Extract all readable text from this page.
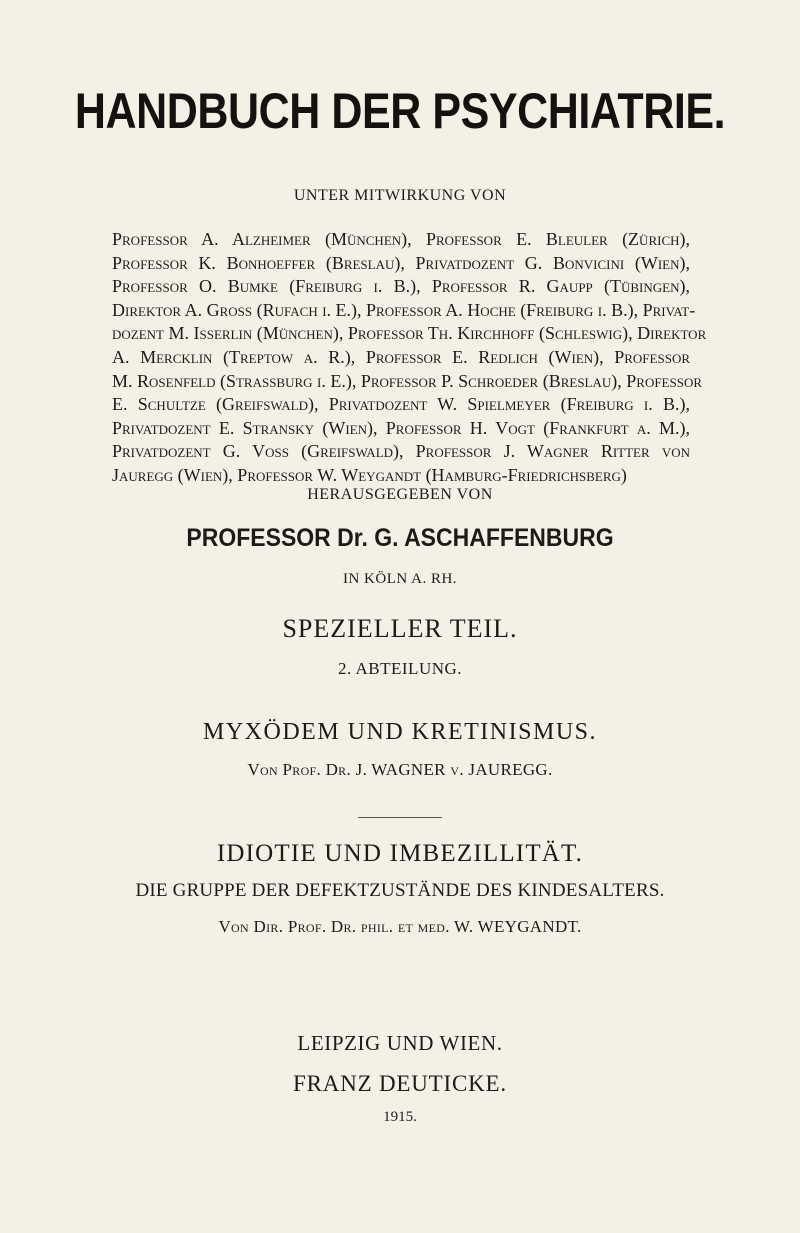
HANDBUCH DER PSYCHIATRIE.
UNTER MITWIRKUNG VON
Professor A. Alzheimer (München), Professor E. Bleuler (Zürich),
Professor K. Bonhoeffer (Breslau), Privatdozent G. Bonvicini (Wien),
Professor O. Bumke (Freiburg i. B.), Professor R. Gaupp (Tübingen),
Direktor A. Gross (Rufach i. E.), Professor A. Hoche (Freiburg i. B.), Privat-
dozent M. Isserlin (München), Professor Th. Kirchhoff (Schleswig), Direktor
A. Mercklin (Treptow a. R.), Professor E. Redlich (Wien), Professor
M. Rosenfeld (Strassburg i. E.), Professor P. Schroeder (Breslau), Professor
E. Schultze (Greifswald), Privatdozent W. Spielmeyer (Freiburg i. B.),
Privatdozent E. Stransky (Wien), Professor H. Vogt (Frankfurt a. M.),
Privatdozent G. Voss (Greifswald), Professor J. Wagner Ritter von
Jauregg (Wien), Professor W. Weygandt (Hamburg-Friedrichsberg)
HERAUSGEGEBEN VON
PROFESSOR Dr. G. ASCHAFFENBURG
IN KÖLN A. RH.
SPEZIELLER TEIL.
2. ABTEILUNG.
MYXÖDEM UND KRETINISMUS.
Von Prof. Dr. J. WAGNER v. JAUREGG.
IDIOTIE UND IMBEZILLITÄT.
DIE GRUPPE DER DEFEKTZUSTÄNDE DES KINDESALTERS.
Von Dir. Prof. Dr. phil. et med. W. WEYGANDT.
LEIPZIG UND WIEN.
FRANZ DEUTICKE.
1915.
